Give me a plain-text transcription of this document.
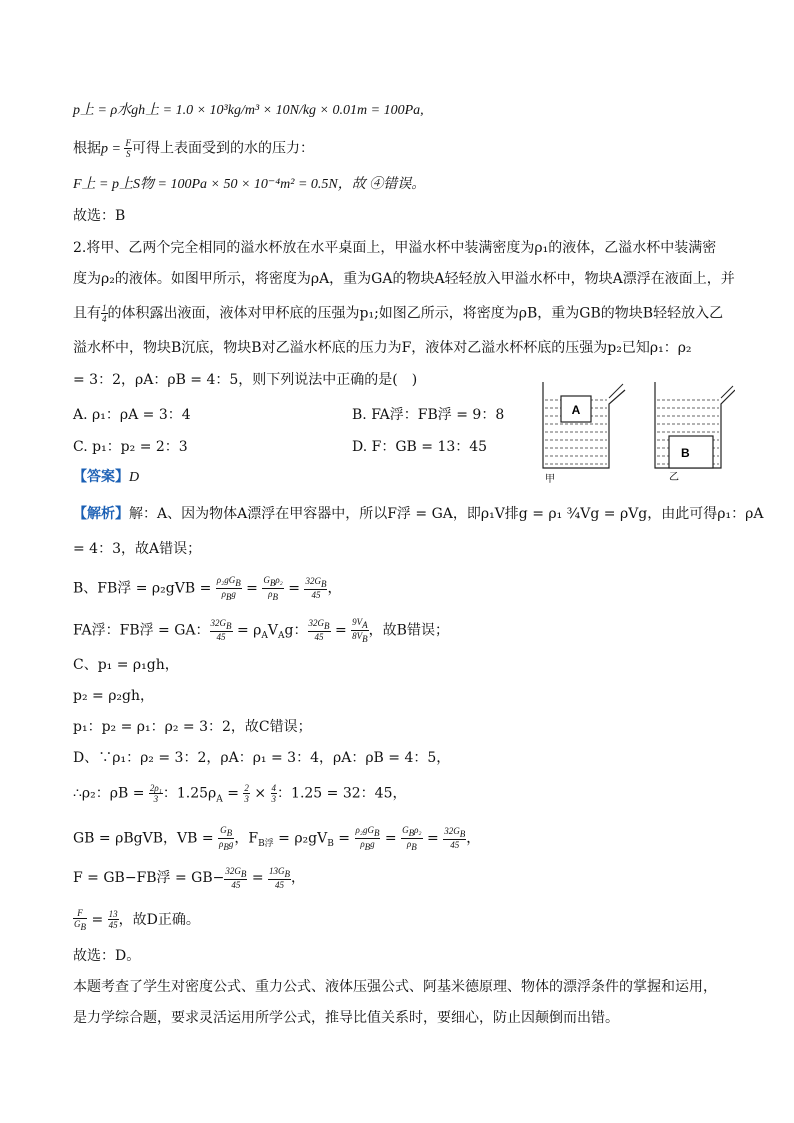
p上 = ρ水gh上 = 1.0 × 10³kg/m³ × 10N/kg × 0.01m = 100Pa,
根据$p = \frac{F}{S}$ 可得上表面受到的水的压力：
F上 = p上S物 = 100Pa × 50 × 10⁻⁴m² = 0.5N，故 ④错误。
故选：B
2.将甲、乙两个完全相同的溢水杯放在水平桌面上，甲溢水杯中装满密度为ρ₁的液体，乙溢水杯中装满密
度为ρ₂的液体。如图甲所示，将密度为ρA，重为GA的物块A轻轻放入甲溢水杯中，物块A漂浮在液面上，并
且有 $\frac{1}{4}$ 的体积露出液面，液体对甲杯底的压强为p₁;如图乙所示，将密度为ρB，重为GB的物块B轻轻放入乙
溢水杯中，物块B沉底，物块B对乙溢水杯底的压力为F，液体对乙溢水杯杯底的压强为p₂已知ρ₁：ρ₂
= 3：2，ρA：ρB = 4：5，则下列说法中正确的是(　)
A. ρ₁：ρA = 3：4	B. FA浮：FB浮 = 9：8
C. p₁：p₂ = 2：3	D. F：GB = 13：45
A
甲
B
乙
【答案】D
【解析】解：A、因为物体A漂浮在甲容器中，所以F浮 = GA，即ρ₁V排g = ρ₁ ¾Vg = ρVg，由此可得ρ₁：ρA
= 4：3，故A错误；
B、FB浮 = $\rho_2gVB = \frac{\rho_2gG_B}{\rho_Bg} = \frac{G_B\rho_2}{\rho_B} = \frac{32G_B}{45}$ ，
FA浮：FB浮 = GA： $\frac{32G_B}{45} = \rho_AV_Ag$： $\frac{32G_B}{45} = \frac{9V_A}{8V_B}$ ，故B错误；
C、p₁ = ρ₁gh，
p₂ = ρ₂gh，
p₁：p₂ = ρ₁：ρ₂ = 3：2，故C错误；
D、∵ρ₁：ρ₂ = 3：2，ρA：ρ₁ = 3：4，ρA：ρB = 4：5，
∴ρ₂：$\rho B = \frac{\text{2ρ₁}}{3}$ ：$1.25\rho_A = \frac{2}{3} \times \frac{4}{3}$ ：1.25 = 32：45，
GB = ρBgVB，VB = $\frac{G_B}{\rho_Bg}$ ，$F_{B浮} = \rho_2gV_B = \frac{\rho_2gG_B}{\rho_Bg} = \frac{G_B\rho_2}{\rho_B} = \frac{32G_B}{45}$ ，
F = GB−FB浮 = $GB- \frac{32G_B}{45} = \frac{13G_B}{45}$ ，
$\frac{F}{G_B} = \frac{13}{45}$ ，故D正确。
故选：D。
本题考查了学生对密度公式、重力公式、液体压强公式、阿基米德原理、物体的漂浮条件的掌握和运用，
是力学综合题，要求灵活运用所学公式，推导比值关系时，要细心，防止因颠倒而出错。
